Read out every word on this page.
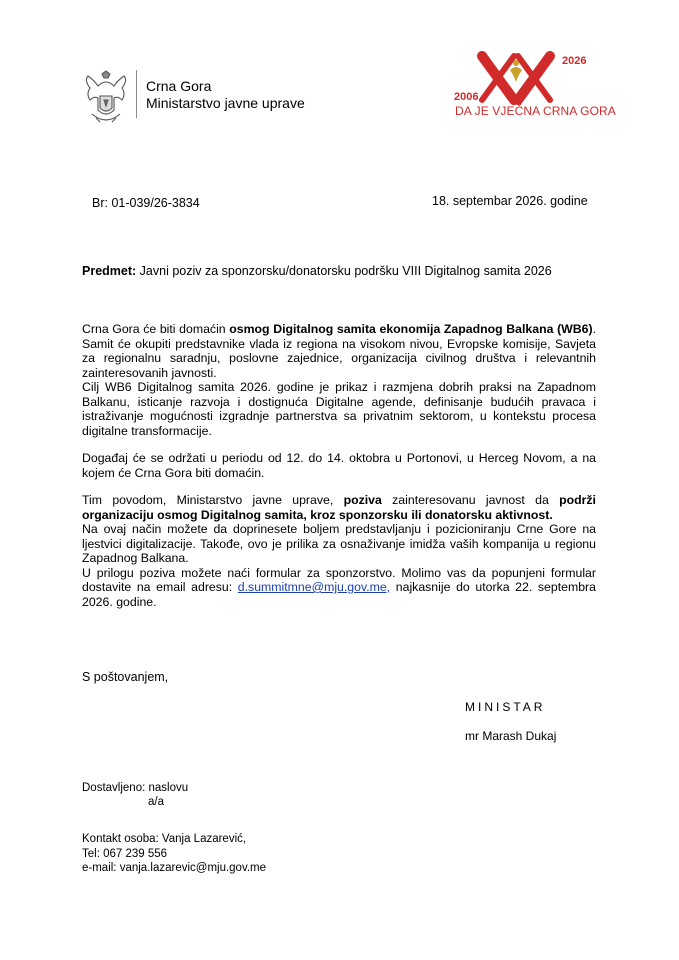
Crna Gora
Ministarstvo javne uprave	2006
2026
DA JE VJEČNA CRNA GORA
Br: 01-039/26-3834	18. septembar 2026. godine
Predmet: Javni poziv za sponzorsku/donatorsku podršku VIII Digitalnog samita 2026

Crna Gora će biti domaćin osmog Digitalnog samita ekonomija Zapadnog Balkana (WB6). Samit će okupiti predstavnike vlada iz regiona na visokom nivou, Evropske komisije, Savjeta za regionalnu saradnju, poslovne zajednice, organizacija civilnog društva i relevantnih zainteresovanih javnosti.

Cilj WB6 Digitalnog samita 2026. godine je prikaz i razmjena dobrih praksi na Zapadnom Balkanu, isticanje razvoja i dostignuća Digitalne agende, definisanje budućih pravaca i istraživanje mogućnosti izgradnje partnerstva sa privatnim sektorom, u kontekstu procesa digitalne transformacije.

Događaj će se održati u periodu od 12. do 14. oktobra u Portonovi, u Herceg Novom, a na kojem će Crna Gora biti domaćin.

Tim povodom, Ministarstvo javne uprave, poziva zainteresovanu javnost da podrži organizaciju osmog Digitalnog samita, kroz sponzorsku ili donatorsku aktivnost.

Na ovaj način možete da doprinesete boljem predstavljanju i pozicioniranju Crne Gore na ljestvici digitalizacije. Takođe, ovo je prilika za osnaživanje imidža vaših kompanija u regionu Zapadnog Balkana.

U prilogu poziva možete naći formular za sponzorstvo. Molimo vas da popunjeni formular dostavite na email adresu: d.summitmne@mju.gov.me, najkasnije do utorka 22. septembra 2026. godine.

S poštovanjem,
MINISTAR
mr Marash Dukaj
Dostavljeno: naslovu
a/a
Kontakt osoba: Vanja Lazarević,
Tel: 067 239 556
e-mail: vanja.lazarevic@mju.gov.me
